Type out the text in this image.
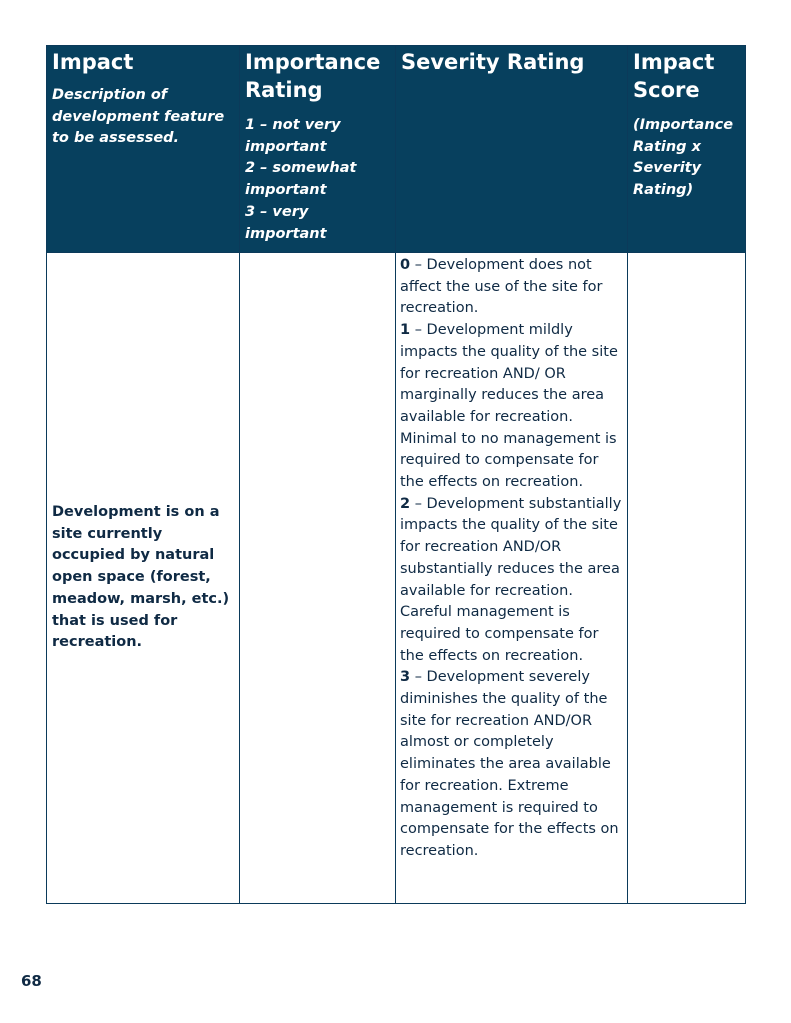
Impact
Description of development feature to be assessed.	Importance Rating
1 – not very important
2 – somewhat important
3 – very important	Severity Rating	Impact Score
(Importance Rating x Severity Rating)

Development is on a site currently occupied by natural open space (forest, meadow, marsh, etc.) that is used for recreation.		0 – Development does not affect the use of the site for recreation.
1 – Development mildly impacts the quality of the site for recreation AND/ OR marginally reduces the area available for recreation. Minimal to no management is required to compensate for the effects on recreation.
2 – Development substantially impacts the quality of the site for recreation AND/OR substantially reduces the area available for recreation. Careful management is required to compensate for the effects on recreation.
3 – Development severely diminishes the quality of the site for recreation AND/OR almost or completely eliminates the area available for recreation. Extreme management is required to compensate for the effects on recreation.	

68
